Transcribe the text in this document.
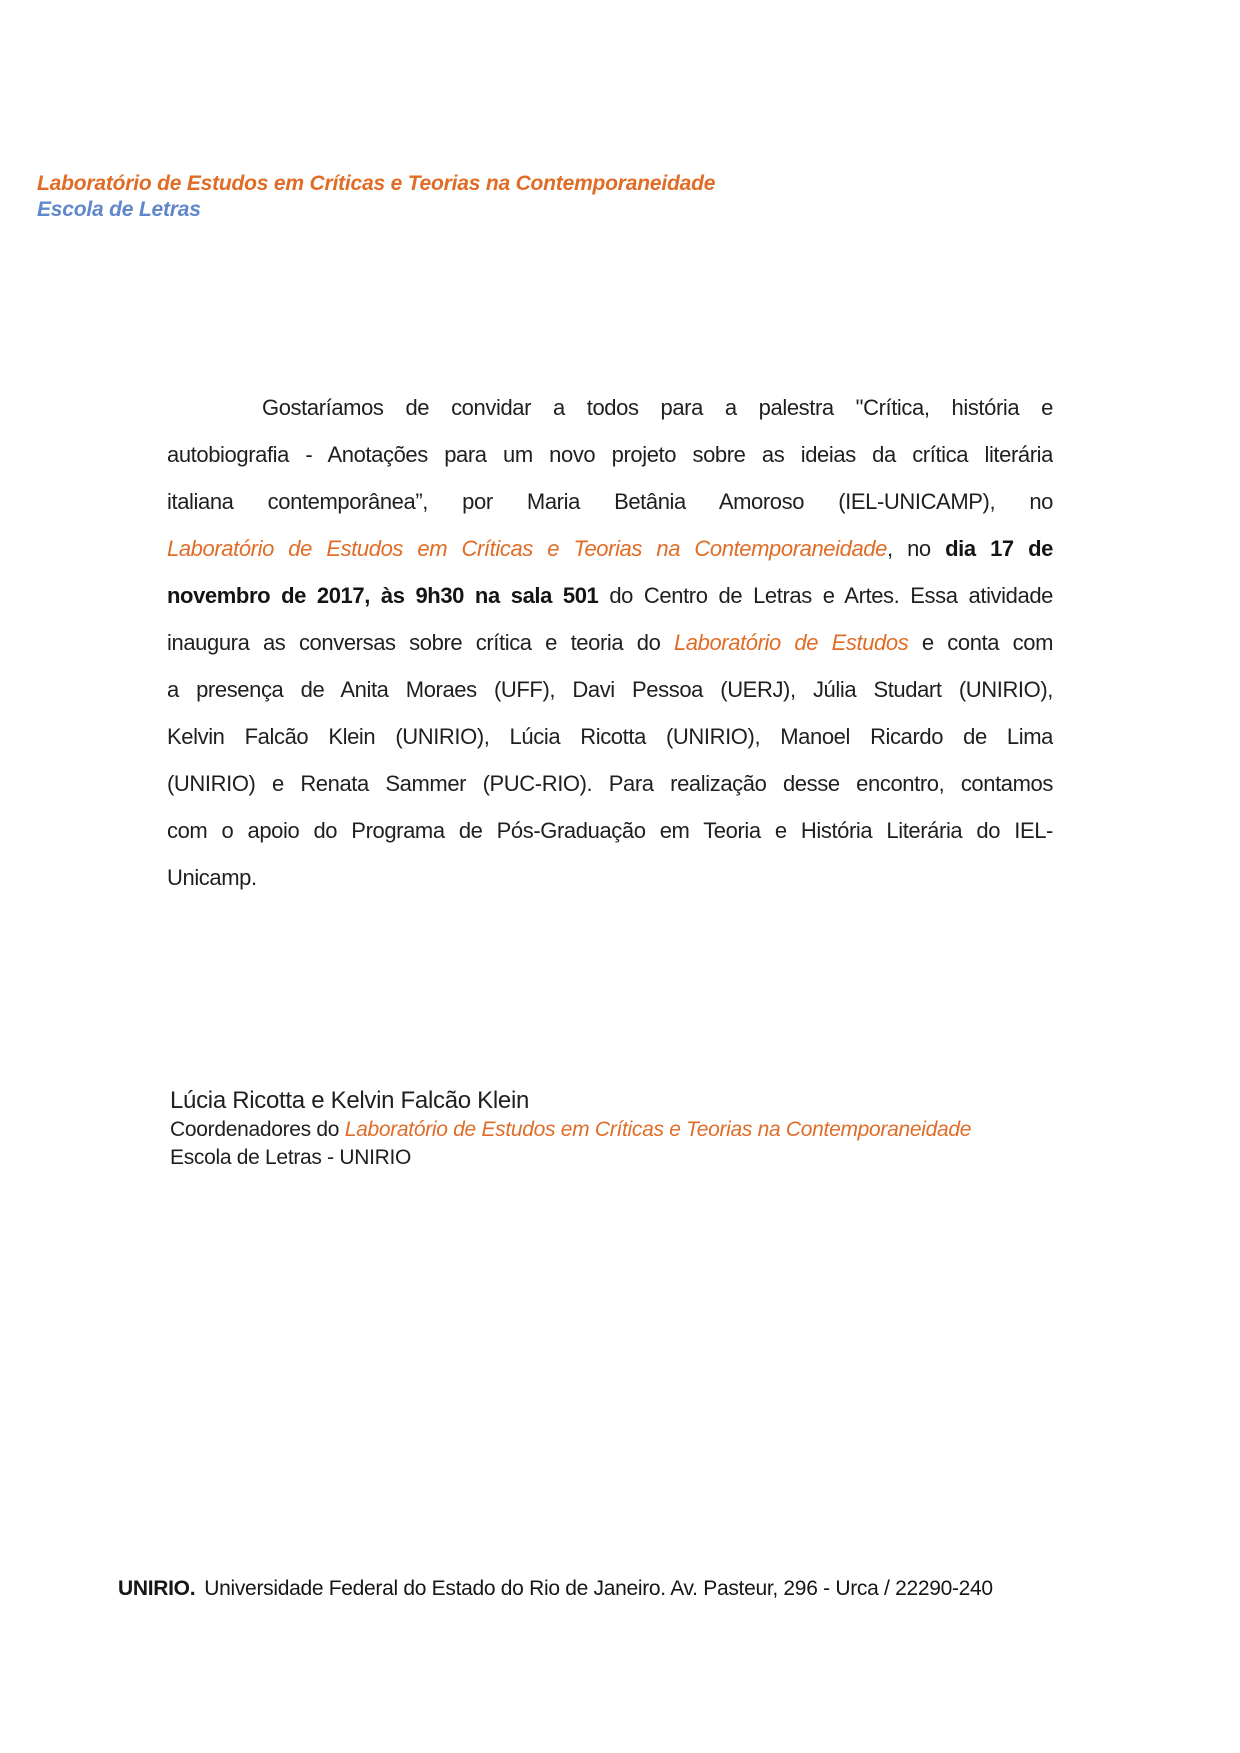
Laboratório de Estudos em Críticas e Teorias na Contemporaneidade
Escola de Letras
Gostaríamos de convidar a todos para a palestra "Crítica, história e
autobiografia - Anotações para um novo projeto sobre as ideias da crítica literária
italiana contemporânea”, por Maria Betânia Amoroso (IEL-UNICAMP), no
Laboratório de Estudos em Críticas e Teorias na Contemporaneidade, no dia 17 de
novembro de 2017, às 9h30 na sala 501 do Centro de Letras e Artes. Essa atividade
inaugura as conversas sobre crítica e teoria do Laboratório de Estudos e conta com
a presença de Anita Moraes (UFF), Davi Pessoa (UERJ), Júlia Studart (UNIRIO),
Kelvin Falcão Klein (UNIRIO), Lúcia Ricotta (UNIRIO), Manoel Ricardo de Lima
(UNIRIO) e Renata Sammer (PUC-RIO). Para realização desse encontro, contamos
com o apoio do Programa de Pós-Graduação em Teoria e História Literária do IEL-
Unicamp.
Lúcia Ricotta e Kelvin Falcão Klein
Coordenadores do Laboratório de Estudos em Críticas e Teorias na Contemporaneidade
Escola de Letras - UNIRIO
UNIRIO. Universidade Federal do Estado do Rio de Janeiro. Av. Pasteur, 296 - Urca / 22290-240
